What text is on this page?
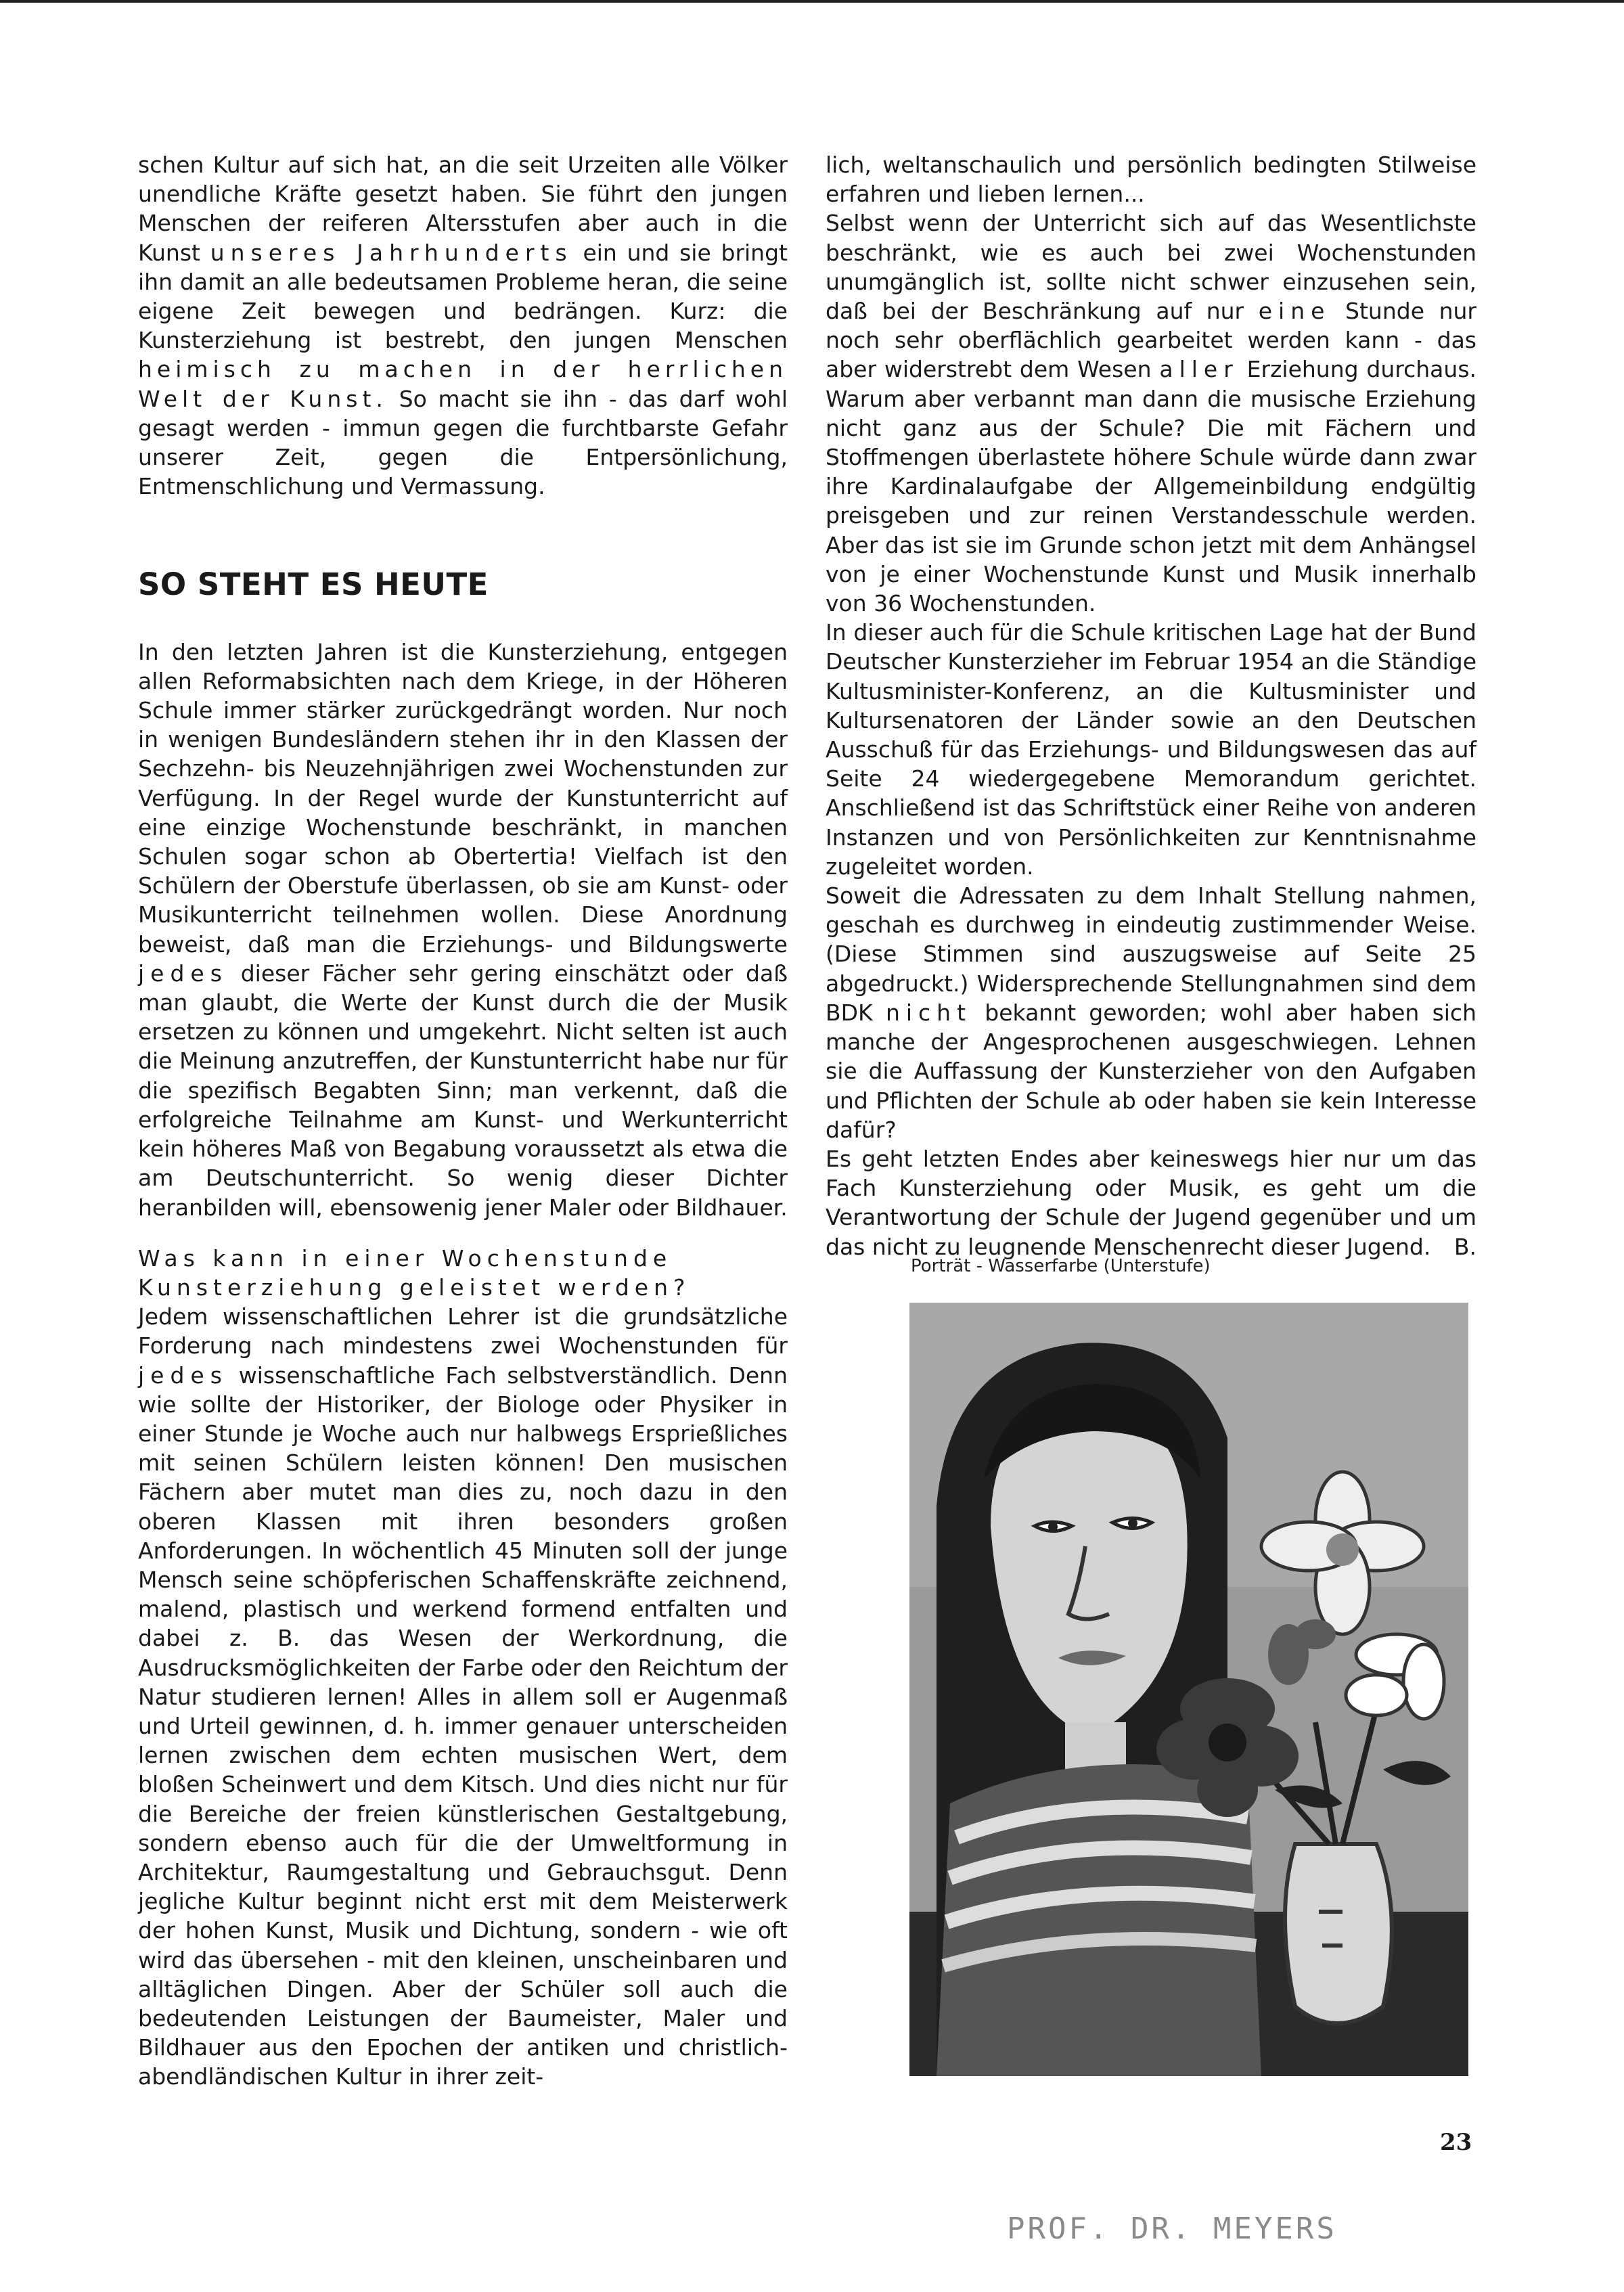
schen Kultur auf sich hat, an die seit Urzeiten alle Völker unendliche Kräfte gesetzt haben. Sie führt den jungen Menschen der reiferen Altersstufen aber auch in die Kunst unseres Jahrhunderts ein und sie bringt ihn damit an alle bedeutsamen Probleme heran, die seine eigene Zeit bewegen und bedrängen. Kurz: die Kunsterziehung ist bestrebt, den jungen Menschen heimisch zu machen in der herrlichen Welt der Kunst. So macht sie ihn - das darf wohl gesagt werden - immun gegen die furchtbarste Gefahr unserer Zeit, gegen die Entpersönlichung, Entmenschlichung und Vermassung.

SO STEHT ES HEUTE

In den letzten Jahren ist die Kunsterziehung, entgegen allen Reformabsichten nach dem Kriege, in der Höheren Schule immer stärker zurückgedrängt worden. Nur noch in wenigen Bundesländern stehen ihr in den Klassen der Sechzehn- bis Neuzehnjährigen zwei Wochenstunden zur Verfügung. In der Regel wurde der Kunstunterricht auf eine einzige Wochenstunde beschränkt, in manchen Schulen sogar schon ab Obertertia! Vielfach ist den Schülern der Oberstufe überlassen, ob sie am Kunst- oder Musikunterricht teilnehmen wollen. Diese Anordnung beweist, daß man die Erziehungs- und Bildungswerte jedes dieser Fächer sehr gering einschätzt oder daß man glaubt, die Werte der Kunst durch die der Musik ersetzen zu können und umgekehrt. Nicht selten ist auch die Meinung anzutreffen, der Kunstunterricht habe nur für die spezifisch Begabten Sinn; man verkennt, daß die erfolgreiche Teilnahme am Kunst- und Werkunterricht kein höheres Maß von Begabung voraussetzt als etwa die am Deutschunterricht. So wenig dieser Dichter heranbilden will, ebensowenig jener Maler oder Bildhauer.

Was kann in einer Wochenstunde Kunsterziehung geleistet werden?

Jedem wissenschaftlichen Lehrer ist die grundsätzliche Forderung nach mindestens zwei Wochenstunden für jedes wissenschaftliche Fach selbstverständlich. Denn wie sollte der Historiker, der Biologe oder Physiker in einer Stunde je Woche auch nur halbwegs Ersprießliches mit seinen Schülern leisten können! Den musischen Fächern aber mutet man dies zu, noch dazu in den oberen Klassen mit ihren besonders großen Anforderungen. In wöchentlich 45 Minuten soll der junge Mensch seine schöpferischen Schaffenskräfte zeichnend, malend, plastisch und werkend formend entfalten und dabei z. B. das Wesen der Werkordnung, die Ausdrucksmöglichkeiten der Farbe oder den Reichtum der Natur studieren lernen! Alles in allem soll er Augenmaß und Urteil gewinnen, d. h. immer genauer unterscheiden lernen zwischen dem echten musischen Wert, dem bloßen Scheinwert und dem Kitsch. Und dies nicht nur für die Bereiche der freien künstlerischen Gestaltgebung, sondern ebenso auch für die der Umweltformung in Architektur, Raumgestaltung und Gebrauchsgut. Denn jegliche Kultur beginnt nicht erst mit dem Meisterwerk der hohen Kunst, Musik und Dichtung, sondern - wie oft wird das übersehen - mit den kleinen, unscheinbaren und alltäglichen Dingen. Aber der Schüler soll auch die bedeutenden Leistungen der Baumeister, Maler und Bildhauer aus den Epochen der antiken und christlich-abendländischen Kultur in ihrer zeit-

lich, weltanschaulich und persönlich bedingten Stilweise erfahren und lieben lernen...

Selbst wenn der Unterricht sich auf das Wesentlichste beschränkt, wie es auch bei zwei Wochenstunden unumgänglich ist, sollte nicht schwer einzusehen sein, daß bei der Beschränkung auf nur eine Stunde nur noch sehr oberflächlich gearbeitet werden kann - das aber widerstrebt dem Wesen aller Erziehung durchaus. Warum aber verbannt man dann die musische Erziehung nicht ganz aus der Schule? Die mit Fächern und Stoffmengen überlastete höhere Schule würde dann zwar ihre Kardinalaufgabe der Allgemeinbildung endgültig preisgeben und zur reinen Verstandesschule werden. Aber das ist sie im Grunde schon jetzt mit dem Anhängsel von je einer Wochenstunde Kunst und Musik innerhalb von 36 Wochenstunden.

In dieser auch für die Schule kritischen Lage hat der Bund Deutscher Kunsterzieher im Februar 1954 an die Ständige Kultusminister-Konferenz, an die Kultusminister und Kultursenatoren der Länder sowie an den Deutschen Ausschuß für das Erziehungs- und Bildungswesen das auf Seite 24 wiedergegebene Memorandum gerichtet. Anschließend ist das Schriftstück einer Reihe von anderen Instanzen und von Persönlichkeiten zur Kenntnisnahme zugeleitet worden.

Soweit die Adressaten zu dem Inhalt Stellung nahmen, geschah es durchweg in eindeutig zustimmender Weise. (Diese Stimmen sind auszugsweise auf Seite 25 abgedruckt.) Widersprechende Stellungnahmen sind dem BDK nicht bekannt geworden; wohl aber haben sich manche der Angesprochenen ausgeschwiegen. Lehnen sie die Auffassung der Kunsterzieher von den Aufgaben und Pflichten der Schule ab oder haben sie kein Interesse dafür?

Es geht letzten Endes aber keineswegs hier nur um das Fach Kunsterziehung oder Musik, es geht um die Verantwortung der Schule der Jugend gegenüber und um das nicht zu leugnende Menschenrecht dieser Jugend. B.

Porträt - Wasserfarbe (Unterstufe)
23
PROF. DR. MEYERS
